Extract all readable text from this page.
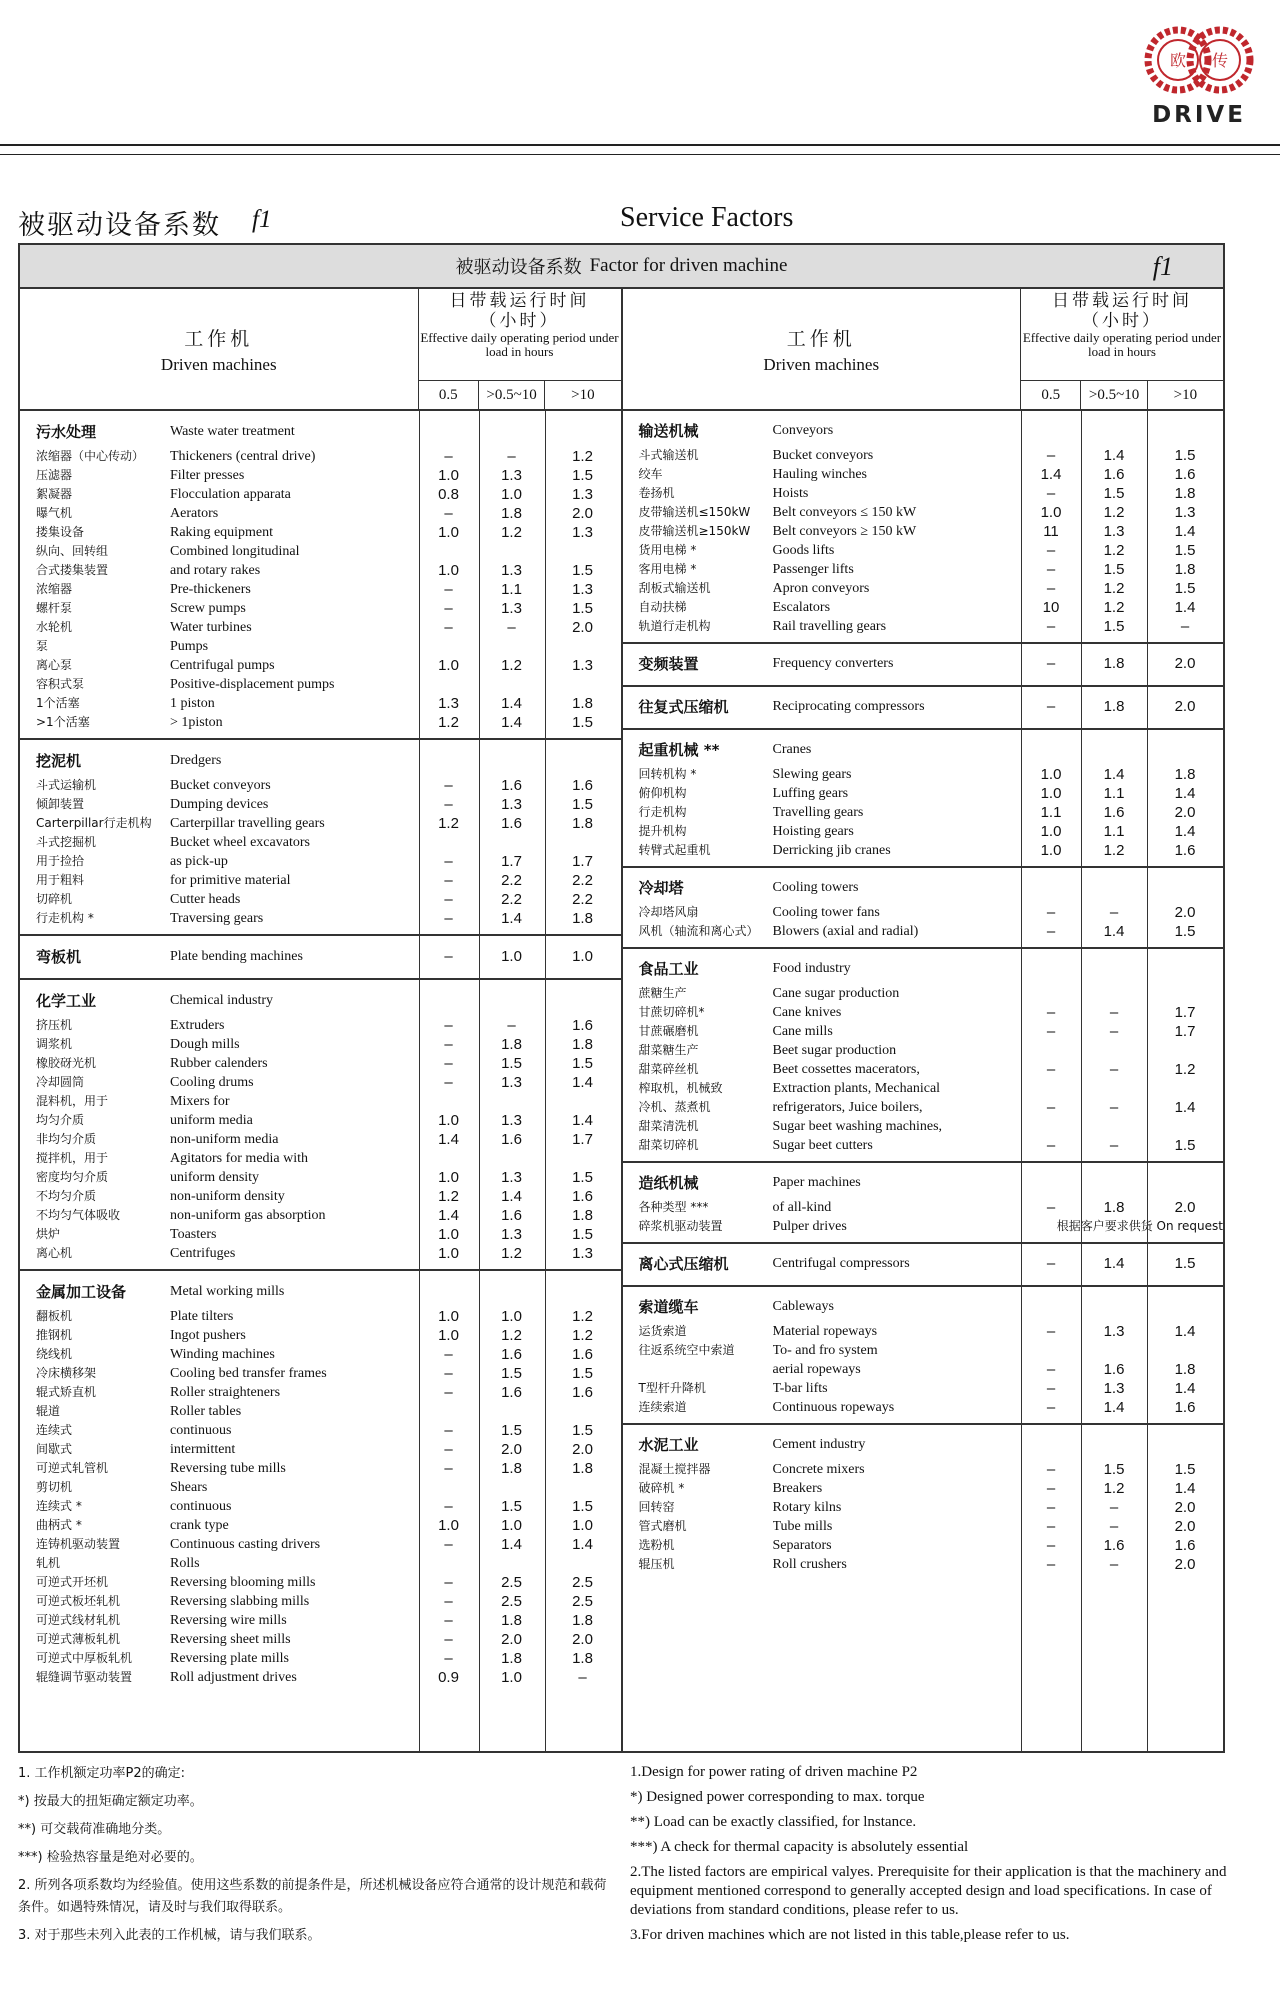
欧 传
DRIVE
被驱动设备系数 f1	Service Factors
被驱动设备系数 Factor for driven machine	f1
工作机
Driven machines
日带载运行时间
（小时）
Effective daily operating period under load in hours
0.5	>0.5~10	>10
污水处理	Waste water treatment
浓缩器（中心传动）	Thickeners (central drive)	–	–	1.2
压滤器	Filter presses	1.0	1.3	1.5
絮凝器	Flocculation apparata	0.8	1.0	1.3
曝气机	Aerators	–	1.8	2.0
搂集设备	Raking equipment	1.0	1.2	1.3
纵向、回转组	Combined longitudinal
合式搂集装置	and rotary rakes	1.0	1.3	1.5
浓缩器	Pre-thickeners	–	1.1	1.3
螺杆泵	Screw pumps	–	1.3	1.5
水轮机	Water turbines	–	–	2.0
泵	Pumps
离心泵	Centrifugal pumps	1.0	1.2	1.3
容积式泵	Positive-displacement pumps
1个活塞	1 piston	1.3	1.4	1.8
>1个活塞	> 1piston	1.2	1.4	1.5
挖泥机	Dredgers
斗式运输机	Bucket conveyors	–	1.6	1.6
倾卸装置	Dumping devices	–	1.3	1.5
Carterpillar行走机构	Carterpillar travelling gears	1.2	1.6	1.8
斗式挖掘机	Bucket wheel excavators
用于捡拾	as pick-up	–	1.7	1.7
用于粗料	for primitive material	–	2.2	2.2
切碎机	Cutter heads	–	2.2	2.2
行走机构 *	Traversing gears	–	1.4	1.8
弯板机	Plate bending machines	–	1.0	1.0
化学工业	Chemical industry
挤压机	Extruders	–	–	1.6
调浆机	Dough mills	–	1.8	1.8
橡胶砑光机	Rubber calenders	–	1.5	1.5
冷却圆筒	Cooling drums	–	1.3	1.4
混料机，用于	Mixers for
均匀介质	uniform media	1.0	1.3	1.4
非均匀介质	non-uniform media	1.4	1.6	1.7
搅拌机，用于	Agitators for media with
密度均匀介质	uniform density	1.0	1.3	1.5
不均匀介质	non-uniform density	1.2	1.4	1.6
不均匀气体吸收	non-uniform gas absorption	1.4	1.6	1.8
烘炉	Toasters	1.0	1.3	1.5
离心机	Centrifuges	1.0	1.2	1.3
金属加工设备	Metal working mills
翻板机	Plate tilters	1.0	1.0	1.2
推钢机	Ingot pushers	1.0	1.2	1.2
绕线机	Winding machines	–	1.6	1.6
冷床横移架	Cooling bed transfer frames	–	1.5	1.5
辊式矫直机	Roller straighteners	–	1.6	1.6
辊道	Roller tables
连续式	continuous	–	1.5	1.5
间歇式	intermittent	–	2.0	2.0
可逆式轧管机	Reversing tube mills	–	1.8	1.8
剪切机	Shears
连续式 *	continuous	–	1.5	1.5
曲柄式 *	crank type	1.0	1.0	1.0
连铸机驱动装置	Continuous casting drivers	–	1.4	1.4
轧机	Rolls
可逆式开坯机	Reversing blooming mills	–	2.5	2.5
可逆式板坯轧机	Reversing slabbing mills	–	2.5	2.5
可逆式线材轧机	Reversing wire mills	–	1.8	1.8
可逆式薄板轧机	Reversing sheet mills	–	2.0	2.0
可逆式中厚板轧机	Reversing plate mills	–	1.8	1.8
辊缝调节驱动装置	Roll adjustment drives	0.9	1.0	–
工作机
Driven machines
日带载运行时间
（小时）
Effective daily operating period under load in hours
0.5	>0.5~10	>10
输送机械	Conveyors
斗式输送机	Bucket conveyors	–	1.4	1.5
绞车	Hauling winches	1.4	1.6	1.6
卷扬机	Hoists	–	1.5	1.8
皮带输送机≤150kW	Belt conveyors ≤ 150 kW	1.0	1.2	1.3
皮带输送机≥150kW	Belt conveyors ≥ 150 kW	11	1.3	1.4
货用电梯 *	Goods lifts	–	1.2	1.5
客用电梯 *	Passenger lifts	–	1.5	1.8
刮板式输送机	Apron conveyors	–	1.2	1.5
自动扶梯	Escalators	10	1.2	1.4
轨道行走机构	Rail travelling gears	–	1.5	–
变频装置	Frequency converters	–	1.8	2.0
往复式压缩机	Reciprocating compressors	–	1.8	2.0
起重机械 **	Cranes
回转机构 *	Slewing gears	1.0	1.4	1.8
俯仰机构	Luffing gears	1.0	1.1	1.4
行走机构	Travelling gears	1.1	1.6	2.0
提升机构	Hoisting gears	1.0	1.1	1.4
转臂式起重机	Derricking jib cranes	1.0	1.2	1.6
冷却塔	Cooling towers
冷却塔风扇	Cooling tower fans	–	–	2.0
风机（轴流和离心式） Blowers (axial and radial)	–	1.4	1.5
食品工业	Food industry
蔗糖生产	Cane sugar production
甘蔗切碎机*	Cane knives	–	–	1.7
甘蔗碾磨机	Cane mills	–	–	1.7
甜菜糖生产	Beet sugar production
甜菜碎丝机	Beet cossettes macerators,	–	–	1.2
榨取机，机械致	Extraction plants, Mechanical
冷机、蒸煮机	refrigerators, Juice boilers,	–	–	1.4
甜菜清洗机	Sugar beet washing machines,
甜菜切碎机	Sugar beet cutters	–	–	1.5
造纸机械	Paper machines
各种类型 ***	of all-kind	–	1.8	2.0
碎浆机驱动装置	Pulper drives	根据客户要求供货 On request
离心式压缩机	Centrifugal compressors	–	1.4	1.5
索道缆车	Cableways
运货索道	Material ropeways	–	1.3	1.4
往返系统空中索道	To- and fro system
aerial ropeways	–	1.6	1.8
T型杆升降机	T-bar lifts	–	1.3	1.4
连续索道	Continuous ropeways	–	1.4	1.6
水泥工业	Cement industry
混凝土搅拌器	Concrete mixers	–	1.5	1.5
破碎机 *	Breakers	–	1.2	1.4
回转窑	Rotary kilns	–	–	2.0
管式磨机	Tube mills	–	–	2.0
选粉机	Separators	–	1.6	1.6
辊压机	Roll crushers	–	–	2.0

1. 工作机额定功率P2的确定:

*) 按最大的扭矩确定额定功率。

**) 可交载荷准确地分类。

***) 检验热容量是绝对必要的。

2. 所列各项系数均为经验值。使用这些系数的前提条件是，所述机械设备应符合通常的设计规范和载荷条件。如遇特殊情况，请及时与我们取得联系。

3. 对于那些未列入此表的工作机械，请与我们联系。

1.Design for power rating of driven machine P2

*) Designed power corresponding to max. torque

**) Load can be exactly classified, for lnstance.

***) A check for thermal capacity is absolutely essential

2.The listed factors are empirical valyes. Prerequisite for their application is that the machinery and equipment mentioned correspond to generally accepted design and load specifications. In case of deviations from standard conditions, please refer to us.

3.For driven machines which are not listed in this table,please refer to us.
